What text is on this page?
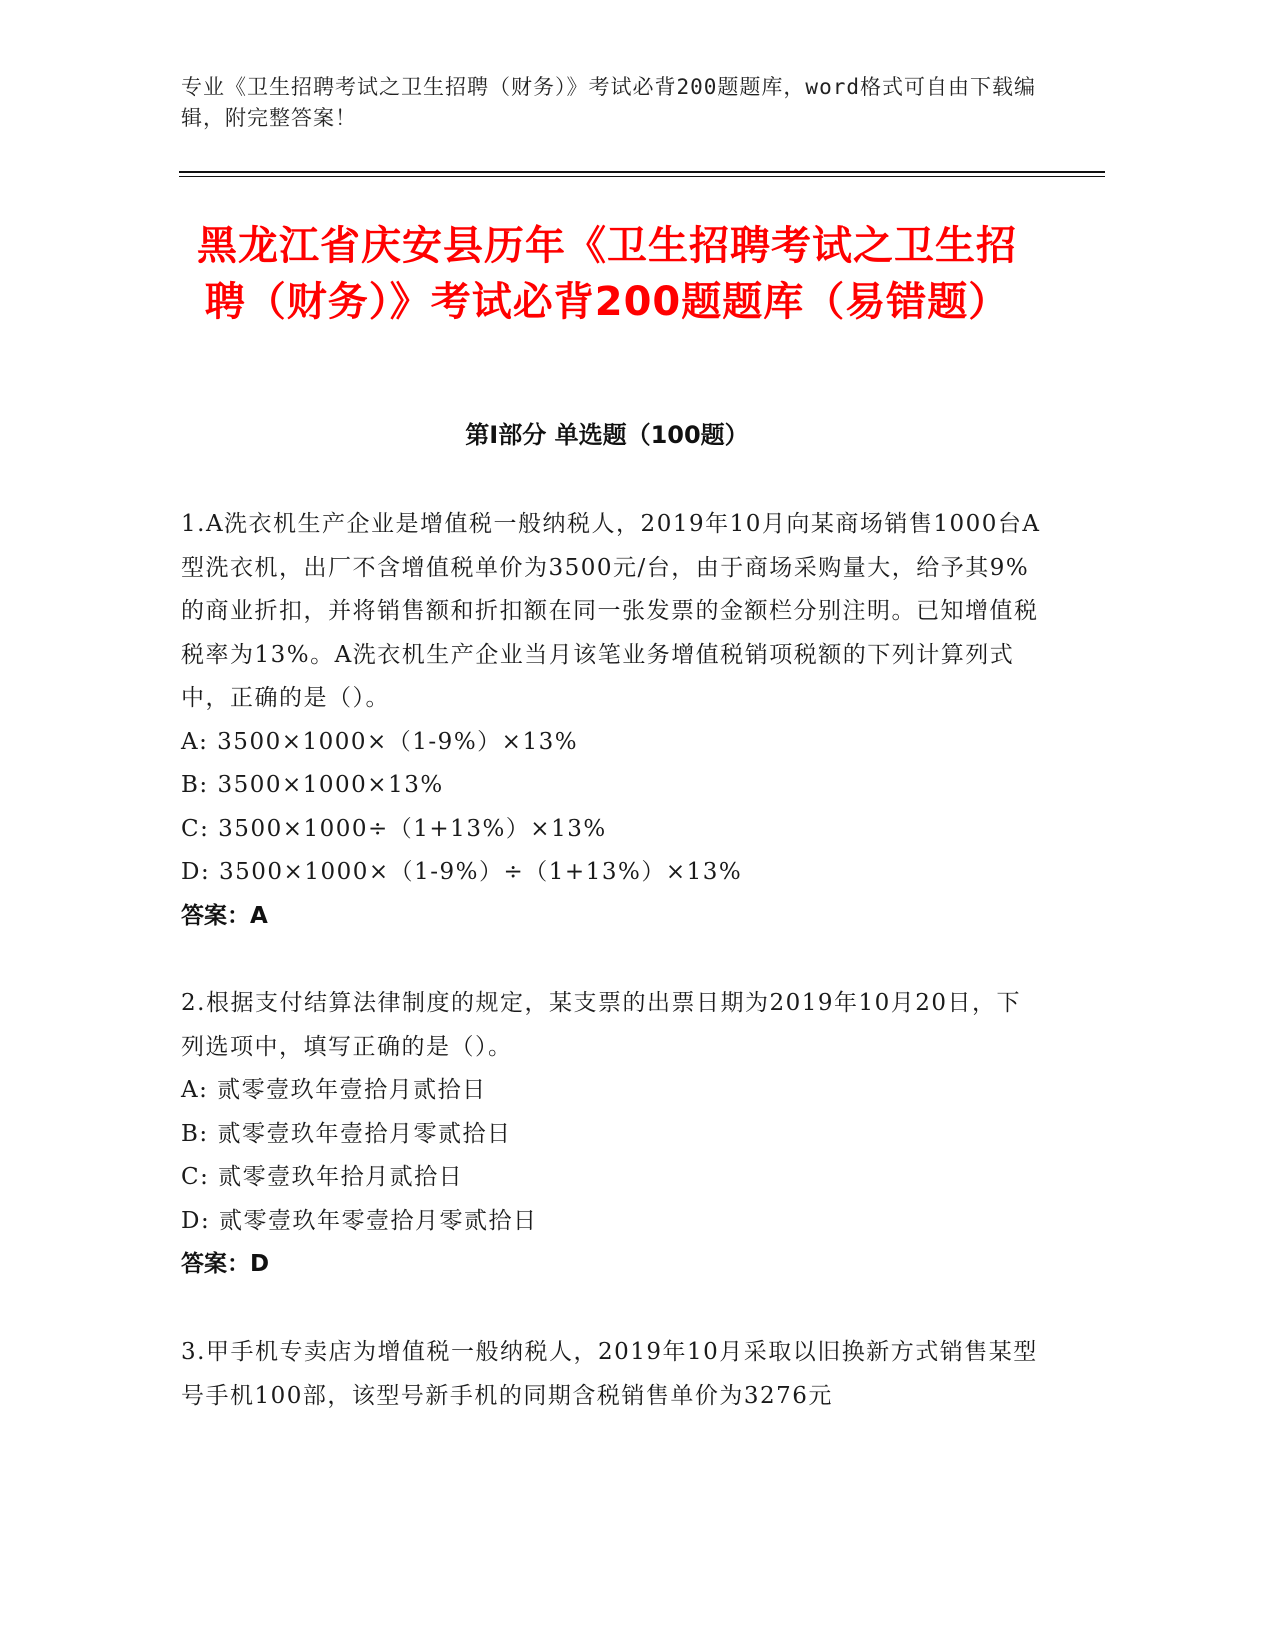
专业《卫生招聘考试之卫生招聘（财务）》考试必背200题题库，word格式可自由下载编辑，附完整答案！
黑龙江省庆安县历年《卫生招聘考试之卫生招聘（财务）》考试必背200题题库（易错题）
第I部分 单选题（100题）

1.A洗衣机生产企业是增值税一般纳税人，2019年10月向某商场销售1000台A型洗衣机，出厂不含增值税单价为3500元/台，由于商场采购量大，给予其9%的商业折扣，并将销售额和折扣额在同一张发票的金额栏分别注明。已知增值税税率为13%。A洗衣机生产企业当月该笔业务增值税销项税额的下列计算列式中，正确的是（）。

A: 3500×1000×（1-9%）×13%
B: 3500×1000×13%
C: 3500×1000÷（1+13%）×13%
D: 3500×1000×（1-9%）÷（1+13%）×13%
答案：A

2.根据支付结算法律制度的规定，某支票的出票日期为2019年10月20日，下列选项中，填写正确的是（）。

A: 贰零壹玖年壹拾月贰拾日
B: 贰零壹玖年壹拾月零贰拾日
C: 贰零壹玖年拾月贰拾日
D: 贰零壹玖年零壹拾月零贰拾日
答案：D

3.甲手机专卖店为增值税一般纳税人，2019年10月采取以旧换新方式销售某型号手机100部，该型号新手机的同期含税销售单价为3276元
